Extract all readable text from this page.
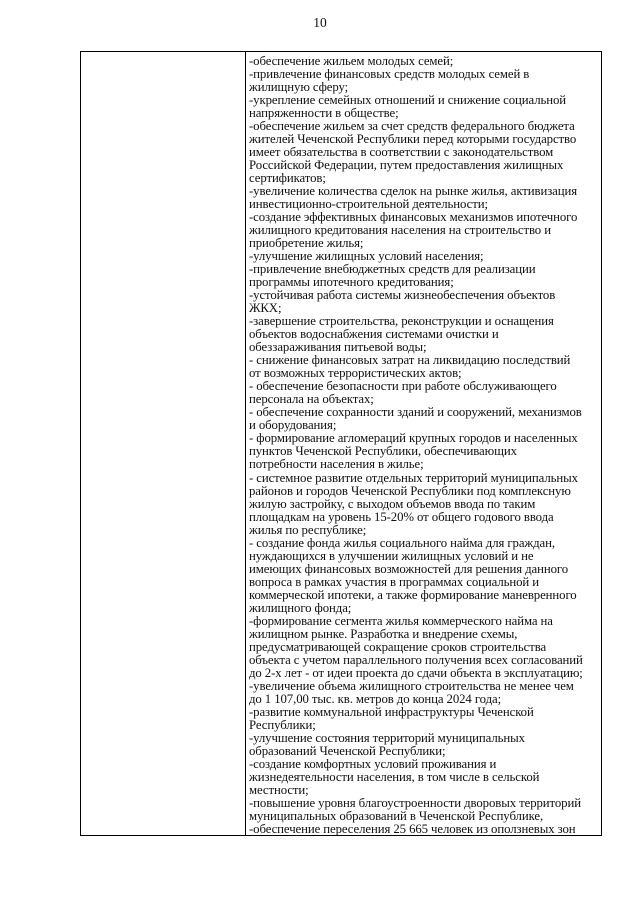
10
-обеспечение жильем молодых семей;
-привлечение финансовых средств молодых семей в
жилищную сферу;
-укрепление семейных отношений и снижение социальной
напряженности в обществе;
-обеспечение жильем за счет средств федерального бюджета
жителей Чеченской Республики перед которыми государство
имеет обязательства в соответствии с законодательством
Российской Федерации, путем предоставления жилищных
сертификатов;
-увеличение количества сделок на рынке жилья, активизация
инвестиционно-строительной деятельности;
-создание эффективных финансовых механизмов ипотечного
жилищного кредитования населения на строительство и
приобретение жилья;
-улучшение жилищных условий населения;
-привлечение внебюджетных средств для реализации
программы ипотечного кредитования;
-устойчивая работа системы жизнеобеспечения объектов
ЖКХ;
-завершение строительства, реконструкции и оснащения
объектов водоснабжения системами очистки и
обеззараживания питьевой воды;
- снижение финансовых затрат на ликвидацию последствий
от возможных террористических актов;
- обеспечение безопасности при работе обслуживающего
персонала на объектах;
- обеспечение сохранности зданий и сооружений, механизмов
и оборудования;
- формирование агломераций крупных городов и населенных
пунктов Чеченской Республики, обеспечивающих
потребности населения в жилье;
- системное развитие отдельных территорий муниципальных
районов и городов Чеченской Республики под комплексную
жилую застройку, с выходом объемов ввода по таким
площадкам на уровень 15-20% от общего годового ввода
жилья по республике;
- создание фонда жилья социального найма для граждан,
нуждающихся в улучшении жилищных условий и не
имеющих финансовых возможностей для решения данного
вопроса в рамках участия в программах социальной и
коммерческой ипотеки, а также формирование маневренного
жилищного фонда;
-формирование сегмента жилья коммерческого найма на
жилищном рынке. Разработка и внедрение схемы,
предусматривающей сокращение сроков строительства
объекта с учетом параллельного получения всех согласований
до 2-х лет - от идеи проекта до сдачи объекта в эксплуатацию;
-увеличение объема жилищного строительства не менее чем
до 1 107,00 тыс. кв. метров до конца 2024 года;
-развитие коммунальной инфраструктуры Чеченской
Республики;
-улучшение состояния территорий муниципальных
образований Чеченской Республики;
-создание комфортных условий проживания и
жизнедеятельности населения, в том числе в сельской
местности;
-повышение уровня благоустроенности дворовых территорий
муниципальных образований в Чеченской Республике,
-обеспечение переселения 25 665 человек из оползневых зон
